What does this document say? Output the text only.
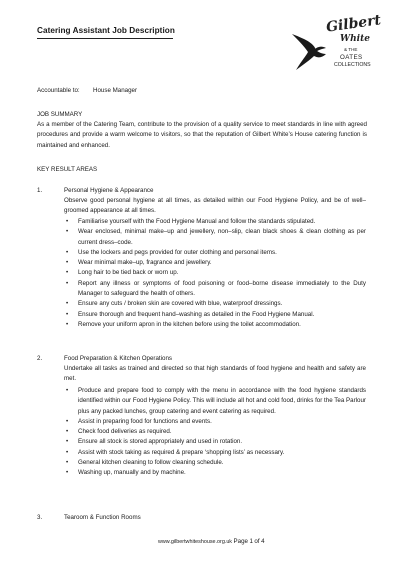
Catering Assistant Job Description	Gilbert
White
& THE
OATES
COLLECTIONS
Accountable to: House Manager
JOB SUMMARY
As a member of the Catering Team, contribute to the provision of a quality service to meet standards in line with agreed procedures and provide a warm welcome to visitors, so that the reputation of Gilbert White’s House catering function is maintained and enhanced.
KEY RESULT AREAS
1.	Personal Hygiene & Appearance
Observe good personal hygiene at all times, as detailed within our Food Hygiene Policy, and be of well–groomed appearance at all times.
• Familiarise yourself with the Food Hygiene Manual and follow the standards stipulated.
• Wear enclosed, minimal make–up and jewellery, non–slip, clean black shoes & clean clothing as per current dress–code.
• Use the lockers and pegs provided for outer clothing and personal items.
• Wear minimal make–up, fragrance and jewellery.
• Long hair to be tied back or worn up.
• Report any illness or symptoms of food poisoning or food–borne disease immediately to the Duty Manager to safeguard the health of others.
• Ensure any cuts / broken skin are covered with blue, waterproof dressings.
• Ensure thorough and frequent hand–washing as detailed in the Food Hygiene Manual.
• Remove your uniform apron in the kitchen before using the toilet accommodation.
2.	Food Preparation & Kitchen Operations
Undertake all tasks as trained and directed so that high standards of food hygiene and health and safety are met.
• Produce and prepare food to comply with the menu in accordance with the food hygiene standards identified within our Food Hygiene Policy. This will include all hot and cold food, drinks for the Tea Parlour plus any packed lunches, group catering and event catering as required.
• Assist in preparing food for functions and events.
• Check food deliveries as required.
• Ensure all stock is stored appropriately and used in rotation.
• Assist with stock taking as required & prepare ‘shopping lists’ as necessary.
• General kitchen cleaning to follow cleaning schedule.
• Washing up, manually and by machine.
3.	Tearoom & Function Rooms
www.gilbertwhiteshouse.org.uk Page 1 of 4
